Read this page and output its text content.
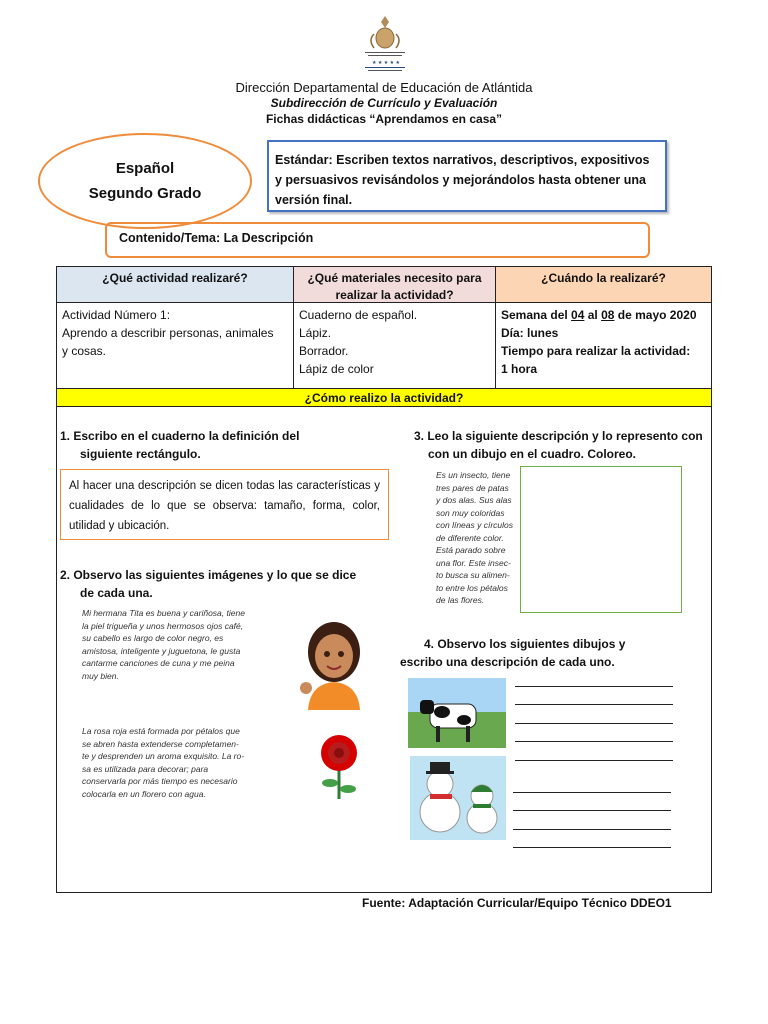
★ ★ ★ ★ ★
Dirección Departamental de Educación de Atlántida
Subdirección de Currículo y Evaluación
Fichas didácticas “Aprendamos en casa”
Español
Segundo Grado
Estándar: Escriben textos narrativos, descriptivos, expositivos y persuasivos revisándolos y mejorándolos hasta obtener una versión final.
Contenido/Tema: La Descripción
¿Qué actividad realizaré?	¿Qué materiales necesito para
realizar la actividad?
¿Cuándo la realizaré?
Actividad Número 1:
Aprendo a describir personas, animales
y cosas.
Cuaderno de español.
Lápiz.
Borrador.
Lápiz de color
Semana del 04 al 08 de mayo 2020
Día: lunes
Tiempo para realizar la actividad:
1 hora
¿Cómo realizo la actividad?
1. Escribo en el cuaderno la definición del
siguiente rectángulo.
Al hacer una descripción se dicen todas las características y cualidades de lo que se observa: tamaño, forma, color, utilidad y ubicación.
2. Observo las siguientes imágenes y lo que se dice
de cada una.
Mi hermana Tita es buena y cariñosa, tiene
la piel trigueña y unos hermosos ojos café,
su cabello es largo de color negro, es
amistosa, inteligente y juguetona, le gusta
cantarme canciones de cuna y me peina
muy bien.
La rosa roja está formada por pétalos que
se abren hasta extenderse completamen-
te y desprenden un aroma exquisito. La ro-
sa es utilizada para decorar; para
conservarla por más tiempo es necesario
colocarla en un florero con agua.
3. Leo la siguiente descripción y lo represento con
con un dibujo en el cuadro. Coloreo.
Es un insecto, tiene
tres pares de patas
y dos alas. Sus alas
son muy coloridas
con líneas y círculos
de diferente color.
Está parado sobre
una flor. Este insec-
to busca su alimen-
to entre los pétalos
de las flores.
4. Observo los siguientes dibujos y
escribo una descripción de cada uno.
Fuente: Adaptación Curricular/Equipo Técnico DDEO1
